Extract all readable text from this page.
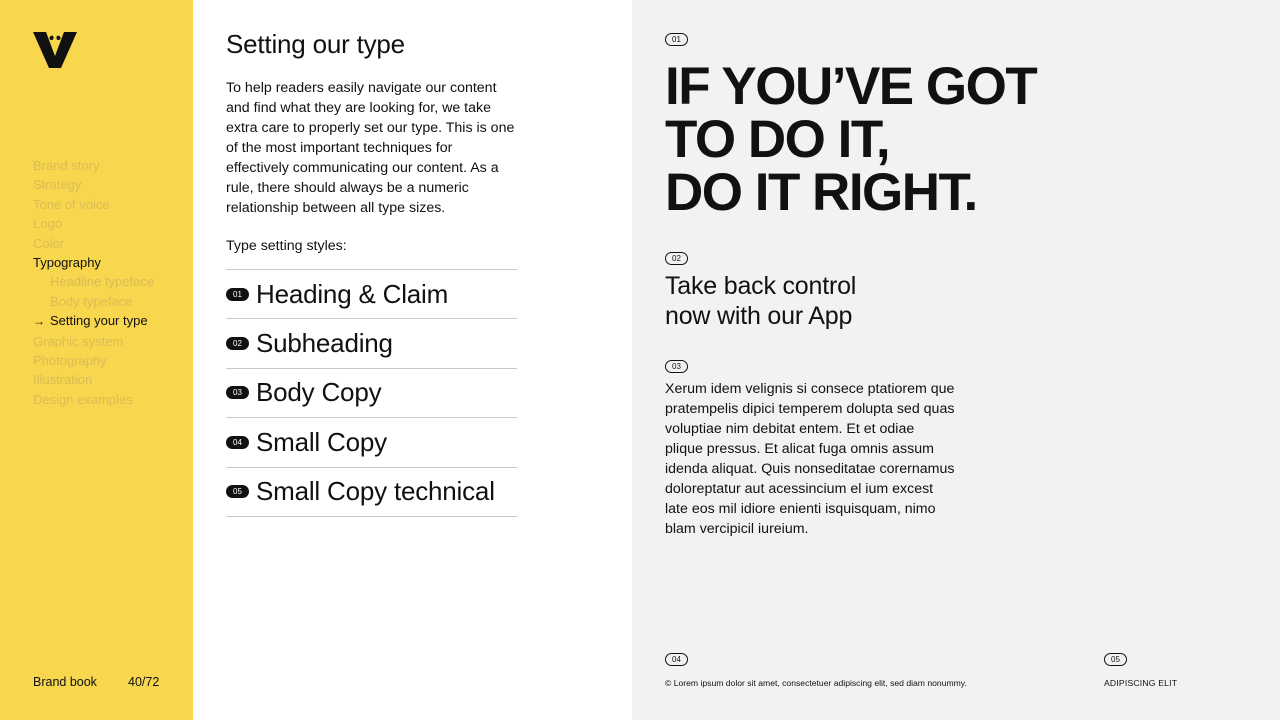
Brand story
Strategy
Tone of voice
Logo
Color
Typography
Headline typeface
Body typeface
→ Setting your type
Graphic system
Photography
Illustration
Design examples
Brand book 40/72
Setting our type

To help readers easily navigate our content and find what they are looking for, we take extra care to properly set our type. This is one of the most important techniques for effectively communicating our content. As a rule, there should always be a numeric relationship between all type sizes.

Type setting styles:
01 Heading & Claim
02 Subheading
03 Body Copy
04 Small Copy
05 Small Copy technical
01
IF YOU’VE GOT
TO DO IT,
DO IT RIGHT.
02
Take back control
now with our App
03

Xerum idem velignis si consece ptatiorem que pratempelis dipici temperem dolupta sed quas voluptiae nim debitat entem. Et et odiae plique pressus. Et alicat fuga omnis assum idenda aliquat. Quis nonseditatae corernamus doloreptatur aut acessincium el ium excest late eos mil idiore enienti isquisquam, nimo blam vercipicil iureium.

04
© Lorem ipsum dolor sit amet, consectetuer adipiscing elit, sed diam nonummy.
05
ADIPISCING ELIT
